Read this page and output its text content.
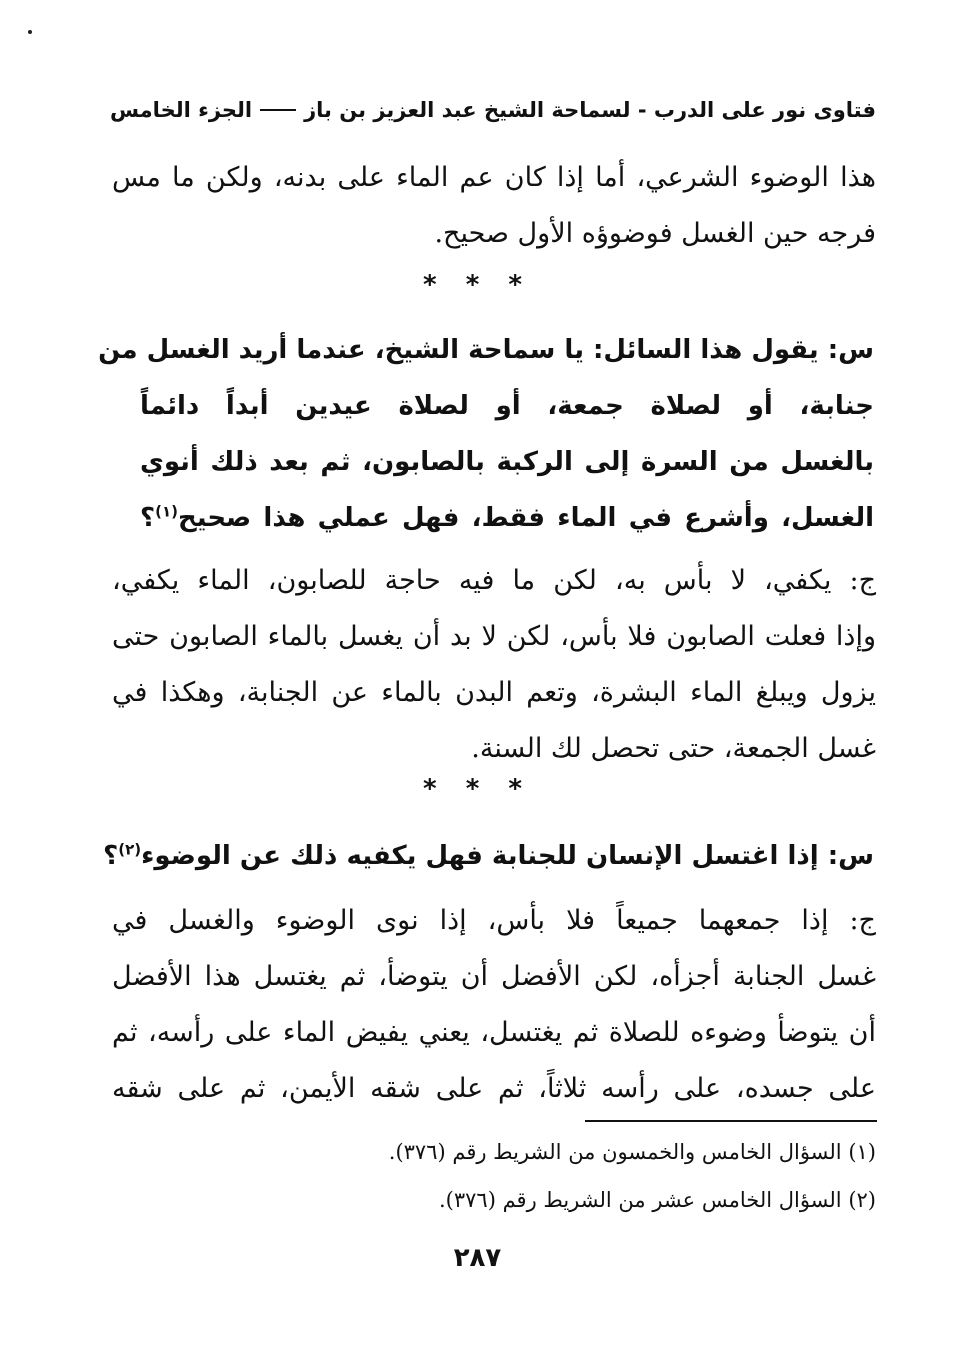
فتاوى نور على الدرب - لسماحة الشيخ عبد العزيز بن باز
الجزء الخامس
هذا الوضوء الشرعي، أما إذا كان عم الماء على بدنه، ولكن ما مس
فرجه حين الغسل فوضوؤه الأول صحيح.
* * *
س: يقول هذا السائل: يا سماحة الشيخ، عندما أريد الغسل من
جنابة، أو لصلاة جمعة، أو لصلاة عيدين أبداً دائماً
بالغسل من السرة إلى الركبة بالصابون، ثم بعد ذلك أنوي
الغسل، وأشرع في الماء فقط، فهل عملي هذا صحيح$^{(١)}$؟
ج: يكفي، لا بأس به، لكن ما فيه حاجة للصابون، الماء يكفي،
وإذا فعلت الصابون فلا بأس، لكن لا بد أن يغسل بالماء الصابون حتى
يزول ويبلغ الماء البشرة، وتعم البدن بالماء عن الجنابة، وهكذا في
غسل الجمعة، حتى تحصل لك السنة.
* * *
س: إذا اغتسل الإنسان للجنابة فهل يكفيه ذلك عن الوضوء$^{(٢)}$؟
ج: إذا جمعهما جميعاً فلا بأس، إذا نوى الوضوء والغسل في
غسل الجنابة أجزأه، لكن الأفضل أن يتوضأ، ثم يغتسل هذا الأفضل
أن يتوضأ وضوءه للصلاة ثم يغتسل، يعني يفيض الماء على رأسه، ثم
على جسده، على رأسه ثلاثاً، ثم على شقه الأيمن، ثم على شقه
(١) السؤال الخامس والخمسون من الشريط رقم (٣٧٦).
(٢) السؤال الخامس عشر من الشريط رقم (٣٧٦).
٢٨٧
